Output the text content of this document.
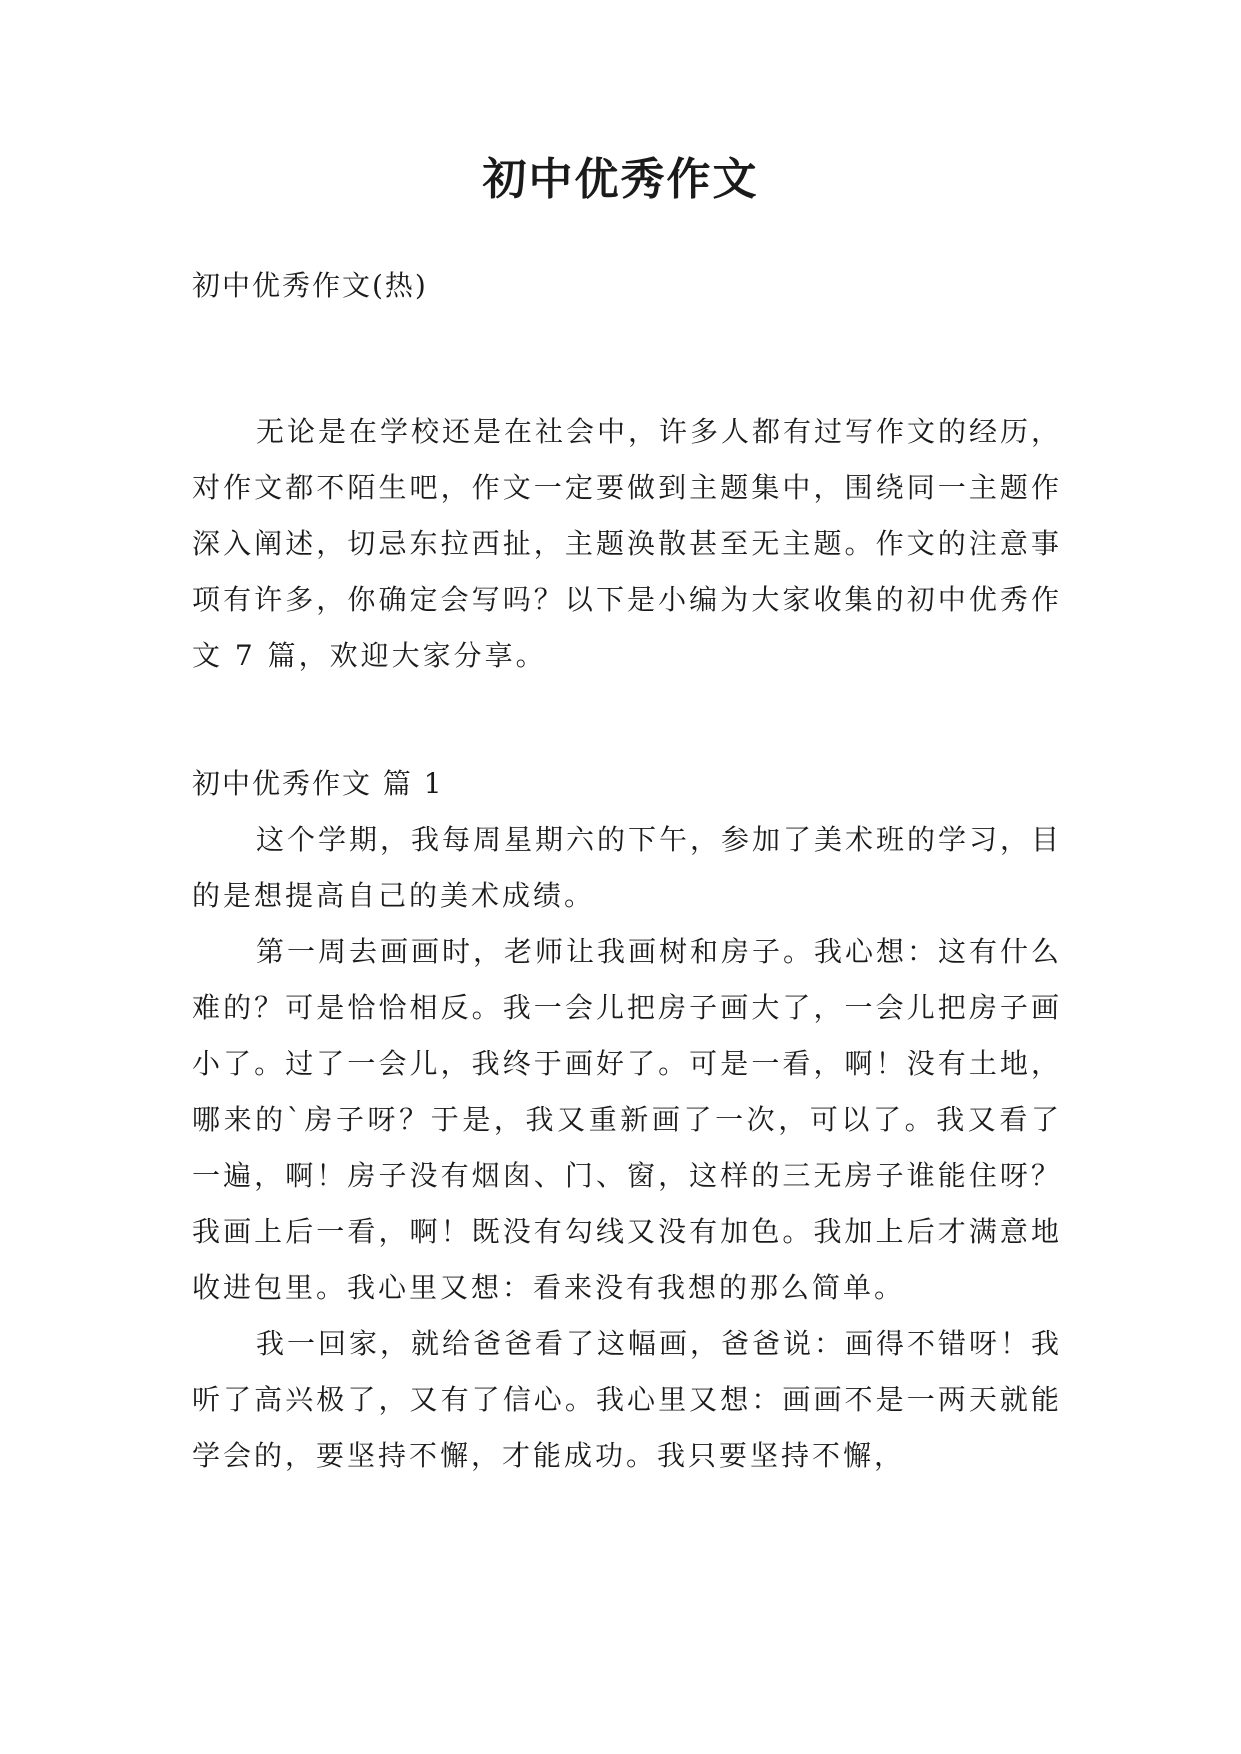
初中优秀作文

初中优秀作文(热)

无论是在学校还是在社会中，许多人都有过写作文的经历，对作文都不陌生吧，作文一定要做到主题集中，围绕同一主题作深入阐述，切忌东拉西扯，主题涣散甚至无主题。作文的注意事项有许多，你确定会写吗？以下是小编为大家收集的初中优秀作文 7 篇，欢迎大家分享。

初中优秀作文 篇 1

这个学期，我每周星期六的下午，参加了美术班的学习，目的是想提高自己的美术成绩。

第一周去画画时，老师让我画树和房子。我心想：这有什么难的？可是恰恰相反。我一会儿把房子画大了，一会儿把房子画小了。过了一会儿，我终于画好了。可是一看，啊！没有土地，哪来的`房子呀？于是，我又重新画了一次，可以了。我又看了一遍，啊！房子没有烟囱、门、窗，这样的三无房子谁能住呀？我画上后一看，啊！既没有勾线又没有加色。我加上后才满意地收进包里。我心里又想：看来没有我想的那么简单。

我一回家，就给爸爸看了这幅画，爸爸说：画得不错呀！我听了高兴极了，又有了信心。我心里又想：画画不是一两天就能学会的，要坚持不懈，才能成功。我只要坚持不懈，
